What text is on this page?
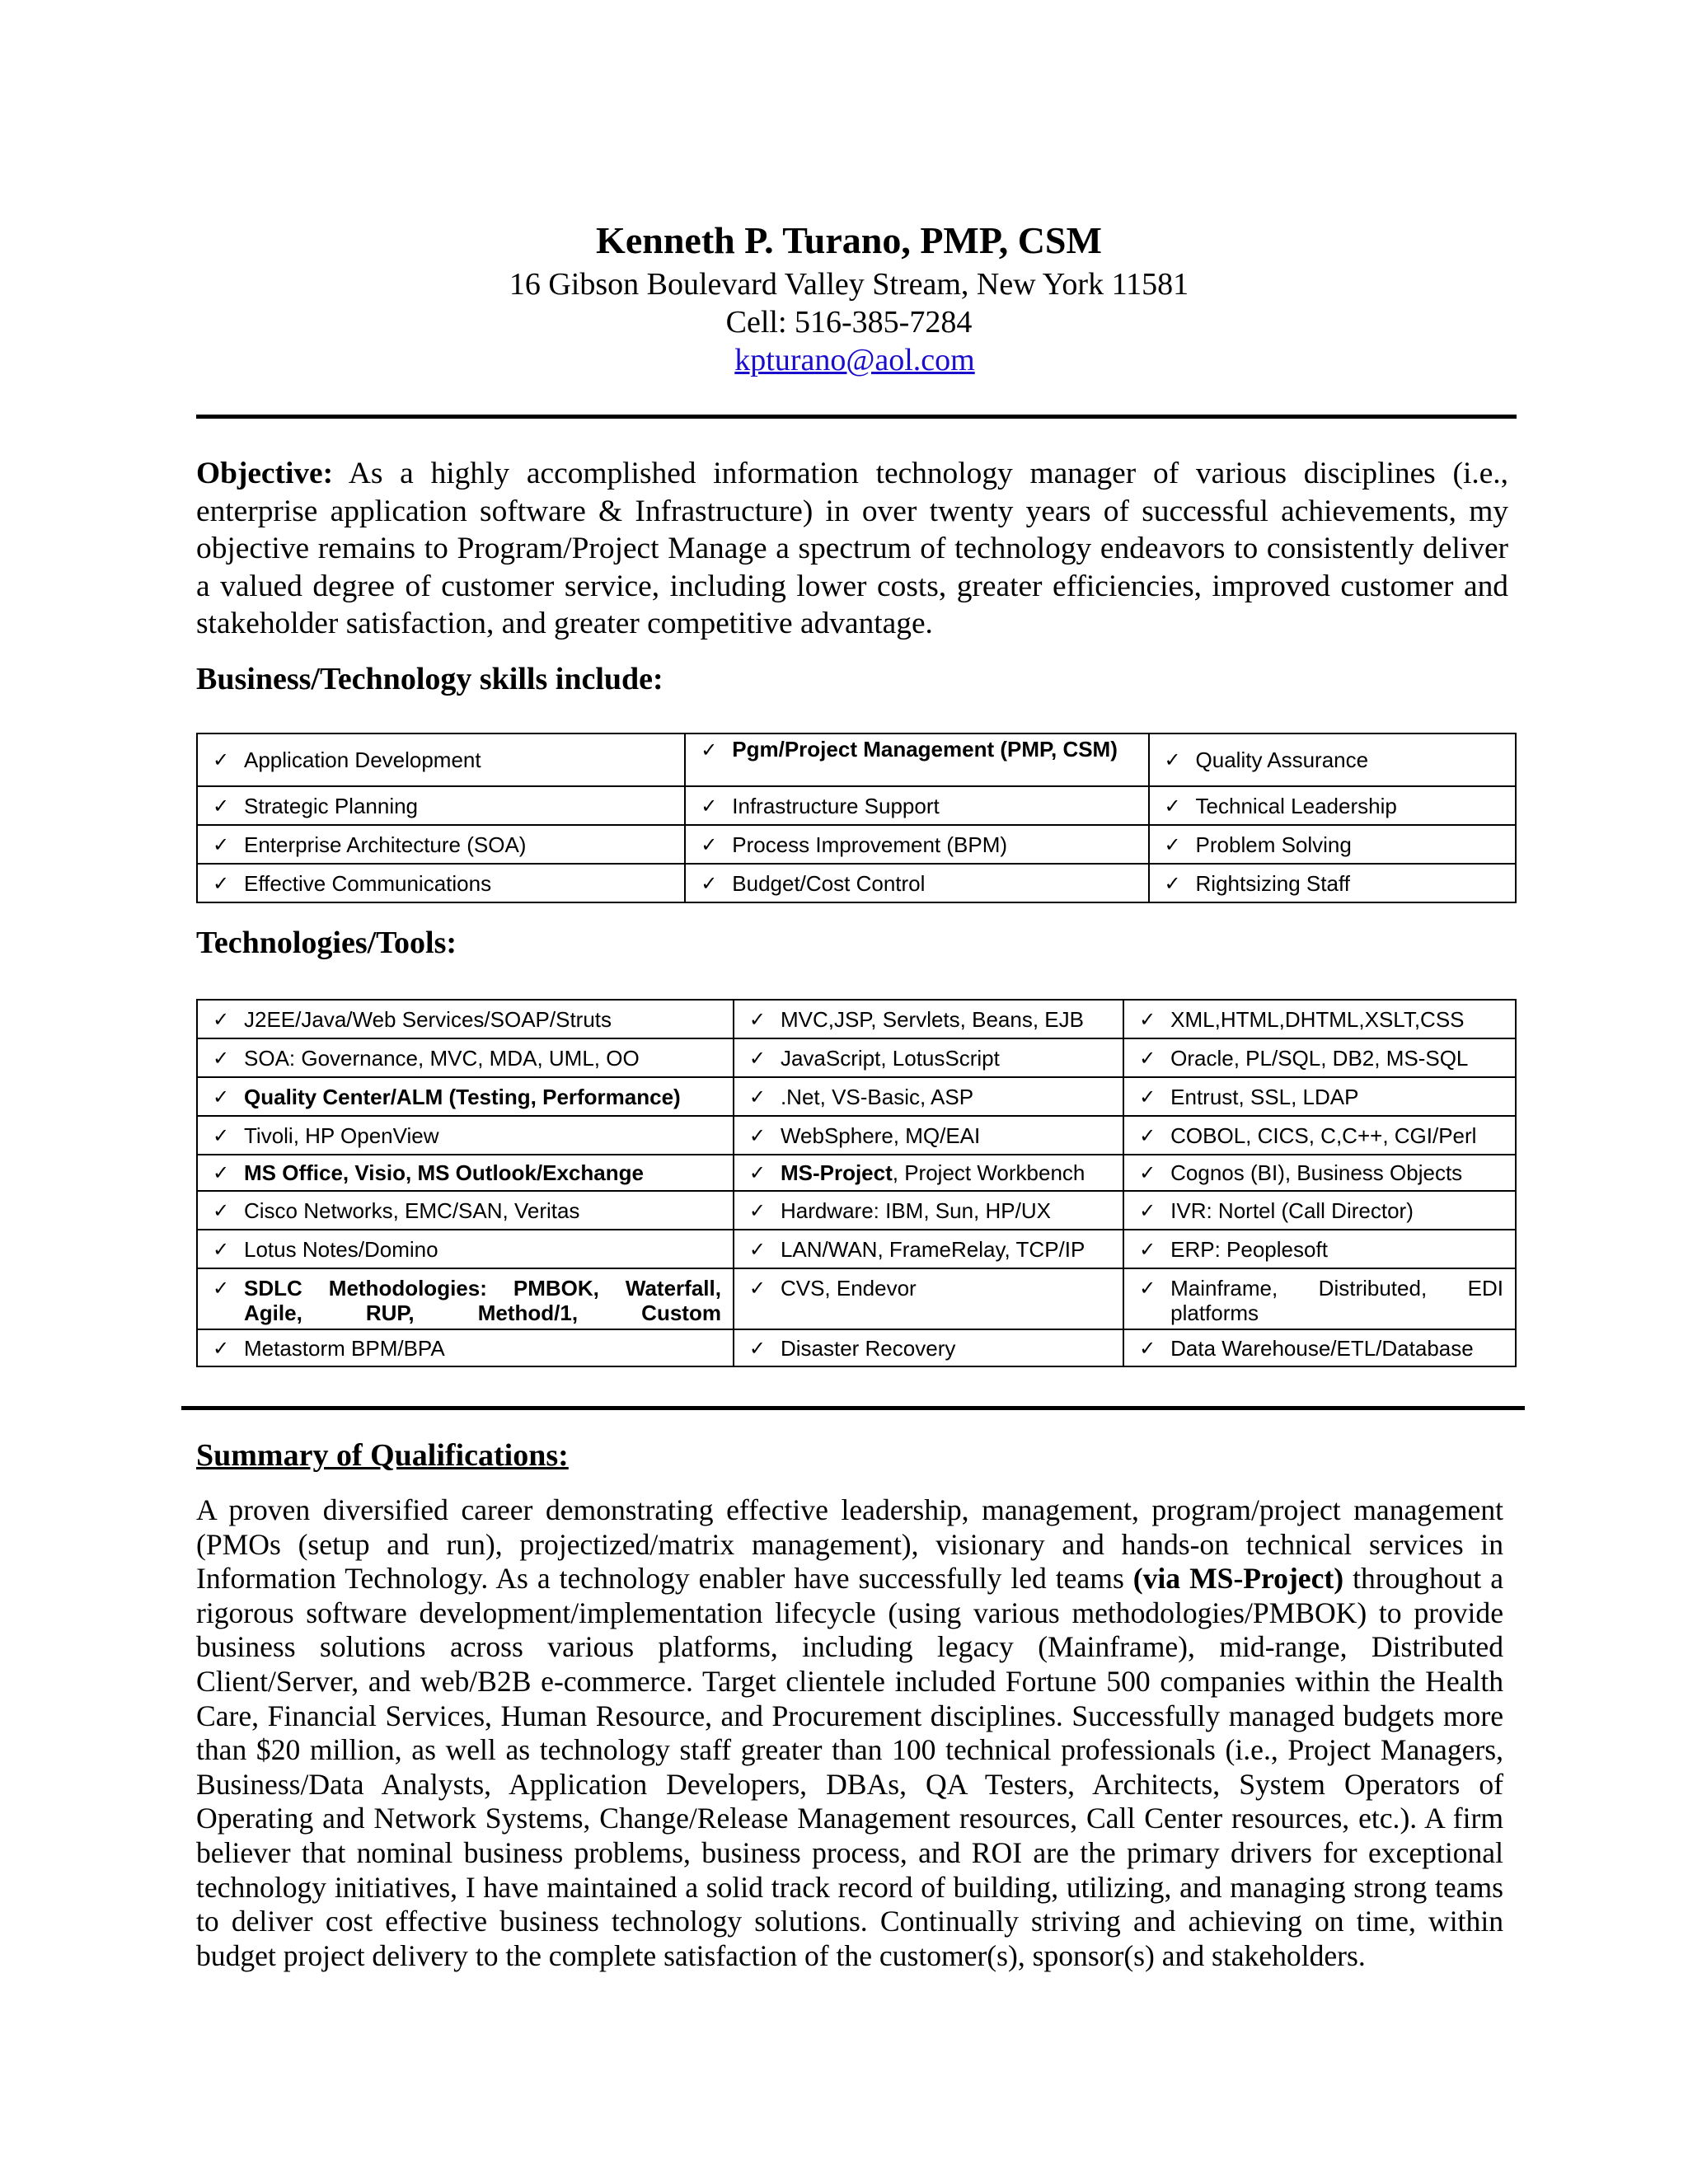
Kenneth P. Turano, PMP, CSM
16 Gibson Boulevard Valley Stream, New York 11581
Cell: 516-385-7284
kpturano@aol.com
Objective: As a highly accomplished information technology manager of various disciplines (i.e., enterprise application software & Infrastructure) in over twenty years of successful achievements, my objective remains to Program/Project Manage a spectrum of technology endeavors to consistently deliver a valued degree of customer service, including lower costs, greater efficiencies, improved customer and stakeholder satisfaction, and greater competitive advantage.
Business/Technology skills include:
✓ Application Development	✓ Pgm/Project Management (PMP, CSM)	✓ Quality Assurance

✓ Strategic Planning	✓ Infrastructure Support	✓ Technical Leadership

✓ Enterprise Architecture (SOA)	✓ Process Improvement (BPM)	✓ Problem Solving

✓ Effective Communications	✓ Budget/Cost Control	✓ Rightsizing Staff
Technologies/Tools:
✓ J2EE/Java/Web Services/SOAP/Struts	✓ MVC,JSP, Servlets, Beans, EJB	✓ XML,HTML,DHTML,XSLT,CSS

✓ SOA: Governance, MVC, MDA, UML, OO	✓ JavaScript, LotusScript	✓ Oracle, PL/SQL, DB2, MS-SQL

✓ Quality Center/ALM (Testing, Performance)	✓ .Net, VS-Basic, ASP	✓ Entrust, SSL, LDAP

✓ Tivoli, HP OpenView	✓ WebSphere, MQ/EAI	✓ COBOL, CICS, C,C++, CGI/Perl

✓ MS Office, Visio, MS Outlook/Exchange	✓ MS-Project, Project Workbench	✓ Cognos (BI), Business Objects

✓ Cisco Networks, EMC/SAN, Veritas	✓ Hardware: IBM, Sun, HP/UX	✓ IVR: Nortel (Call Director)

✓ Lotus Notes/Domino	✓ LAN/WAN, FrameRelay, TCP/IP	✓ ERP: Peoplesoft

✓ SDLC Methodologies: PMBOK, Waterfall, Agile, RUP, Method/1, Custom	✓ CVS, Endevor	✓ Mainframe, Distributed, EDI platforms

✓ Metastorm BPM/BPA	✓ Disaster Recovery	✓ Data Warehouse/ETL/Database
Summary of Qualifications:
A proven diversified career demonstrating effective leadership, management, program/project management (PMOs (setup and run), projectized/matrix management), visionary and hands-on technical services in Information Technology. As a technology enabler have successfully led teams (via MS-Project) throughout a rigorous software development/implementation lifecycle (using various methodologies/PMBOK) to provide business solutions across various platforms, including legacy (Mainframe), mid-range, Distributed Client/Server, and web/B2B e-commerce. Target clientele included Fortune 500 companies within the Health Care, Financial Services, Human Resource, and Procurement disciplines. Successfully managed budgets more than $20 million, as well as technology staff greater than 100 technical professionals (i.e., Project Managers, Business/Data Analysts, Application Developers, DBAs, QA Testers, Architects, System Operators of Operating and Network Systems, Change/Release Management resources, Call Center resources, etc.). A firm believer that nominal business problems, business process, and ROI are the primary drivers for exceptional technology initiatives, I have maintained a solid track record of building, utilizing, and managing strong teams to deliver cost effective business technology solutions. Continually striving and achieving on time, within budget project delivery to the complete satisfaction of the customer(s), sponsor(s) and stakeholders.
